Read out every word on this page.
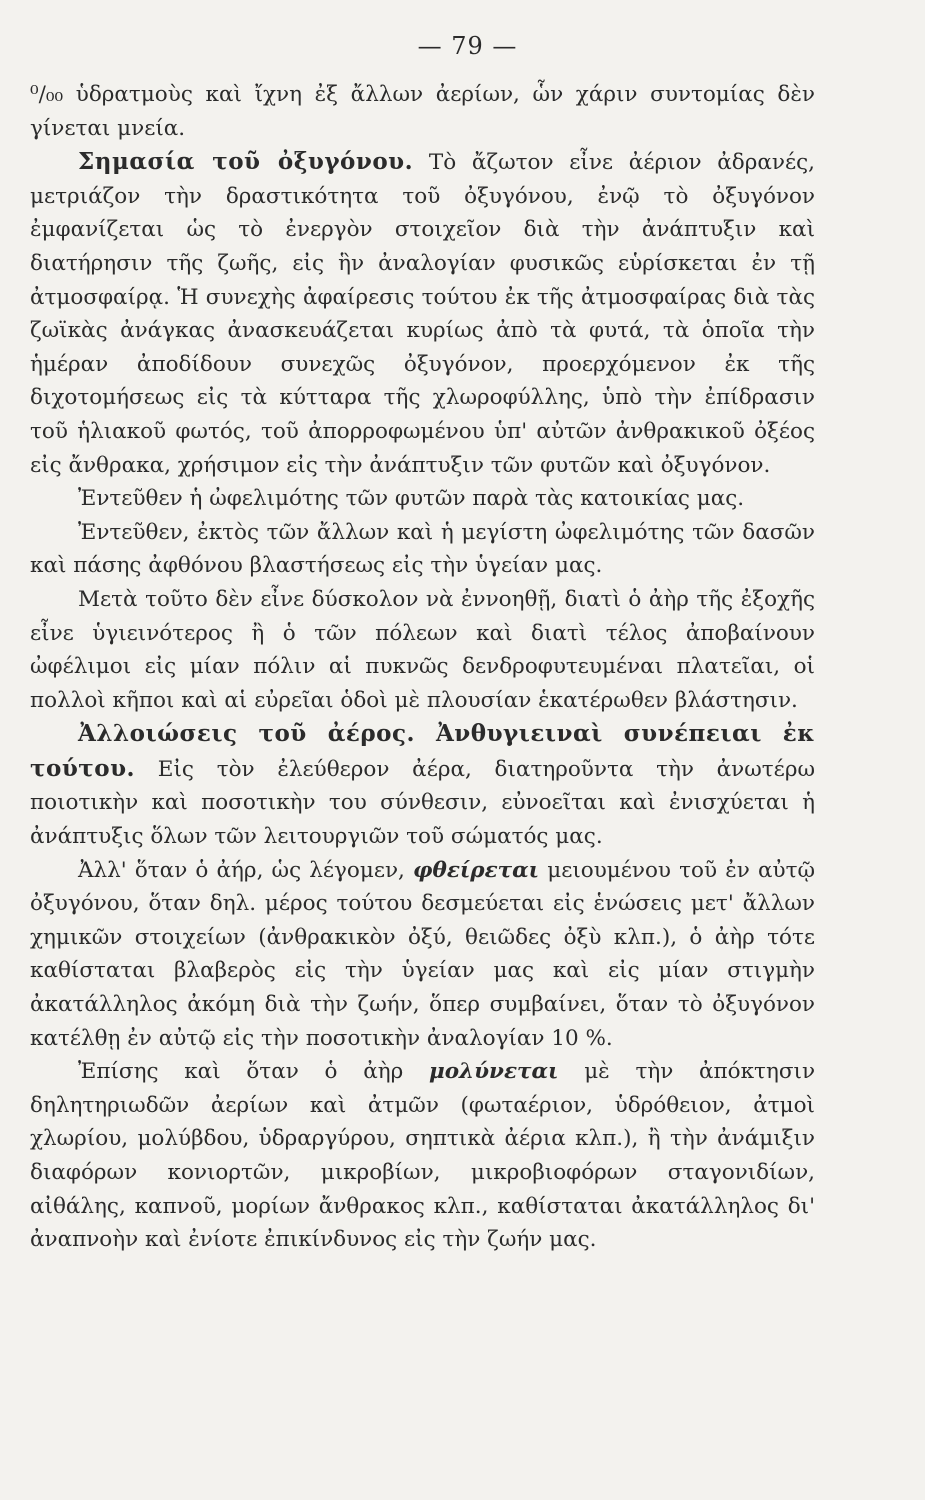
— 79 —

⁰/₀₀ ὑδρατμοὺς καὶ ἴχνη ἐξ ἄλλων ἀερίων, ὧν χάριν συντομίας δὲν γίνεται μνεία.

Σημασία τοῦ ὀξυγόνου. Τὸ ἄζωτον εἶνε ἀέριον ἀδρανές, μετριάζον τὴν δραστικότητα τοῦ ὀξυγόνου, ἐνῷ τὸ ὀξυγόνον ἐμφανίζεται ὡς τὸ ἐνεργὸν στοιχεῖον διὰ τὴν ἀνάπτυξιν καὶ διατήρησιν τῆς ζωῆς, εἰς ἣν ἀναλογίαν φυσικῶς εὑρίσκεται ἐν τῇ ἀτμοσφαίρᾳ. Ἡ συνεχὴς ἀφαίρεσις τούτου ἐκ τῆς ἀτμοσφαίρας διὰ τὰς ζωϊκὰς ἀνάγκας ἀνασκευάζεται κυρίως ἀπὸ τὰ φυτά, τὰ ὁποῖα τὴν ἡμέραν ἀποδίδουν συνεχῶς ὀξυγόνον, προερχόμενον ἐκ τῆς διχοτομήσεως εἰς τὰ κύτταρα τῆς χλωροφύλλης, ὑπὸ τὴν ἐπίδρασιν τοῦ ἡλιακοῦ φωτός, τοῦ ἀπορροφωμένου ὑπ' αὐτῶν ἀνθρακικοῦ ὀξέος εἰς ἄνθρακα, χρήσιμον εἰς τὴν ἀνάπτυξιν τῶν φυτῶν καὶ ὀξυγόνον.

Ἐντεῦθεν ἡ ὠφελιμότης τῶν φυτῶν παρὰ τὰς κατοικίας μας.

Ἐντεῦθεν, ἐκτὸς τῶν ἄλλων καὶ ἡ μεγίστη ὠφελιμότης τῶν δασῶν καὶ πάσης ἀφθόνου βλαστήσεως εἰς τὴν ὑγείαν μας.

Μετὰ τοῦτο δὲν εἶνε δύσκολον νὰ ἐννοηθῇ, διατὶ ὁ ἀὴρ τῆς ἐξοχῆς εἶνε ὑγιεινότερος ἢ ὁ τῶν πόλεων καὶ διατὶ τέλος ἀποβαίνουν ὠφέλιμοι εἰς μίαν πόλιν αἱ πυκνῶς δενδροφυτευμέναι πλατεῖαι, οἱ πολλοὶ κῆποι καὶ αἱ εὐρεῖαι ὁδοὶ μὲ πλουσίαν ἑκατέρωθεν βλάστησιν.

Ἀλλοιώσεις τοῦ ἀέρος. Ἀνθυγιειναὶ συνέπειαι ἐκ τούτου. Εἰς τὸν ἐλεύθερον ἀέρα, διατηροῦντα τὴν ἀνωτέρω ποιοτικὴν καὶ ποσοτικὴν του σύνθεσιν, εὐνοεῖται καὶ ἐνισχύεται ἡ ἀνάπτυξις ὅλων τῶν λειτουργιῶν τοῦ σώματός μας.

Ἀλλ' ὅταν ὁ ἀήρ, ὡς λέγομεν, φθείρεται μειουμένου τοῦ ἐν αὐτῷ ὀξυγόνου, ὅταν δηλ. μέρος τούτου δεσμεύεται εἰς ἑνώσεις μετ' ἄλλων χημικῶν στοιχείων (ἀνθρακικὸν ὀξύ, θειῶδες ὀξὺ κλπ.), ὁ ἀὴρ τότε καθίσταται βλαβερὸς εἰς τὴν ὑγείαν μας καὶ εἰς μίαν στιγμὴν ἀκατάλληλος ἀκόμη διὰ τὴν ζωήν, ὅπερ συμβαίνει, ὅταν τὸ ὀξυγόνον κατέλθῃ ἐν αὐτῷ εἰς τὴν ποσοτικὴν ἀναλογίαν 10 %.

Ἐπίσης καὶ ὅταν ὁ ἀὴρ μολύνεται μὲ τὴν ἀπόκτησιν δηλητηριωδῶν ἀερίων καὶ ἀτμῶν (φωταέριον, ὑδρόθειον, ἀτμοὶ χλωρίου, μολύβδου, ὑδραργύρου, σηπτικὰ ἀέρια κλπ.), ἢ τὴν ἀνάμιξιν διαφόρων κονιορτῶν, μικροβίων, μικροβιοφόρων σταγονιδίων, αἰθάλης, καπνοῦ, μορίων ἄνθρακος κλπ., καθίσταται ἀκατάλληλος δι' ἀναπνοὴν καὶ ἐνίοτε ἐπικίνδυνος εἰς τὴν ζωήν μας.
